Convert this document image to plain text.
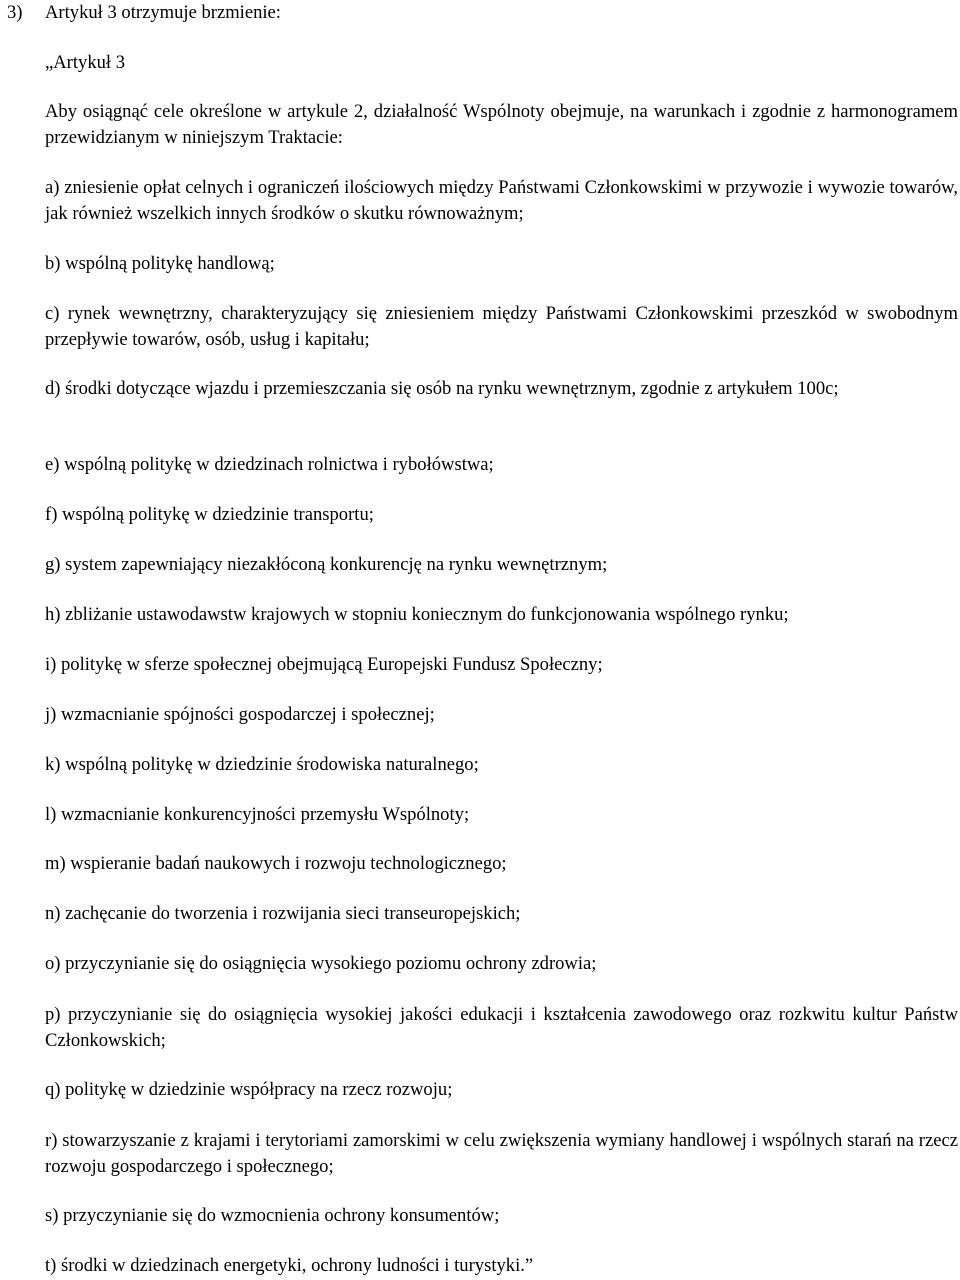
3) Artykuł 3 otrzymuje brzmienie:

„Artykuł 3

Aby osiągnąć cele określone w artykule 2, działalność Wspólnoty obejmuje, na warunkach i zgodnie z harmonogramem przewidzianym w niniejszym Traktacie:

a) zniesienie opłat celnych i ograniczeń ilościowych między Państwami Członkowskimi w przywozie i wywozie towarów, jak również wszelkich innych środków o skutku równoważnym;

b) wspólną politykę handlową;

c) rynek wewnętrzny, charakteryzujący się zniesieniem między Państwami Członkowskimi przeszkód w swobodnym przepływie towarów, osób, usług i kapitału;

d) środki dotyczące wjazdu i przemieszczania się osób na rynku wewnętrznym, zgodnie z artykułem 100c;

e) wspólną politykę w dziedzinach rolnictwa i rybołówstwa;

f) wspólną politykę w dziedzinie transportu;

g) system zapewniający niezakłóconą konkurencję na rynku wewnętrznym;

h) zbliżanie ustawodawstw krajowych w stopniu koniecznym do funkcjonowania wspólnego rynku;

i) politykę w sferze społecznej obejmującą Europejski Fundusz Społeczny;

j) wzmacnianie spójności gospodarczej i społecznej;

k) wspólną politykę w dziedzinie środowiska naturalnego;

l) wzmacnianie konkurencyjności przemysłu Wspólnoty;

m) wspieranie badań naukowych i rozwoju technologicznego;

n) zachęcanie do tworzenia i rozwijania sieci transeuropejskich;

o) przyczynianie się do osiągnięcia wysokiego poziomu ochrony zdrowia;

p) przyczynianie się do osiągnięcia wysokiej jakości edukacji i kształcenia zawodowego oraz rozkwitu kultur Państw Członkowskich;

q) politykę w dziedzinie współpracy na rzecz rozwoju;

r) stowarzyszanie z krajami i terytoriami zamorskimi w celu zwiększenia wymiany handlowej i wspólnych starań na rzecz rozwoju gospodarczego i społecznego;

s) przyczynianie się do wzmocnienia ochrony konsumentów;

t) środki w dziedzinach energetyki, ochrony ludności i turystyki.”
